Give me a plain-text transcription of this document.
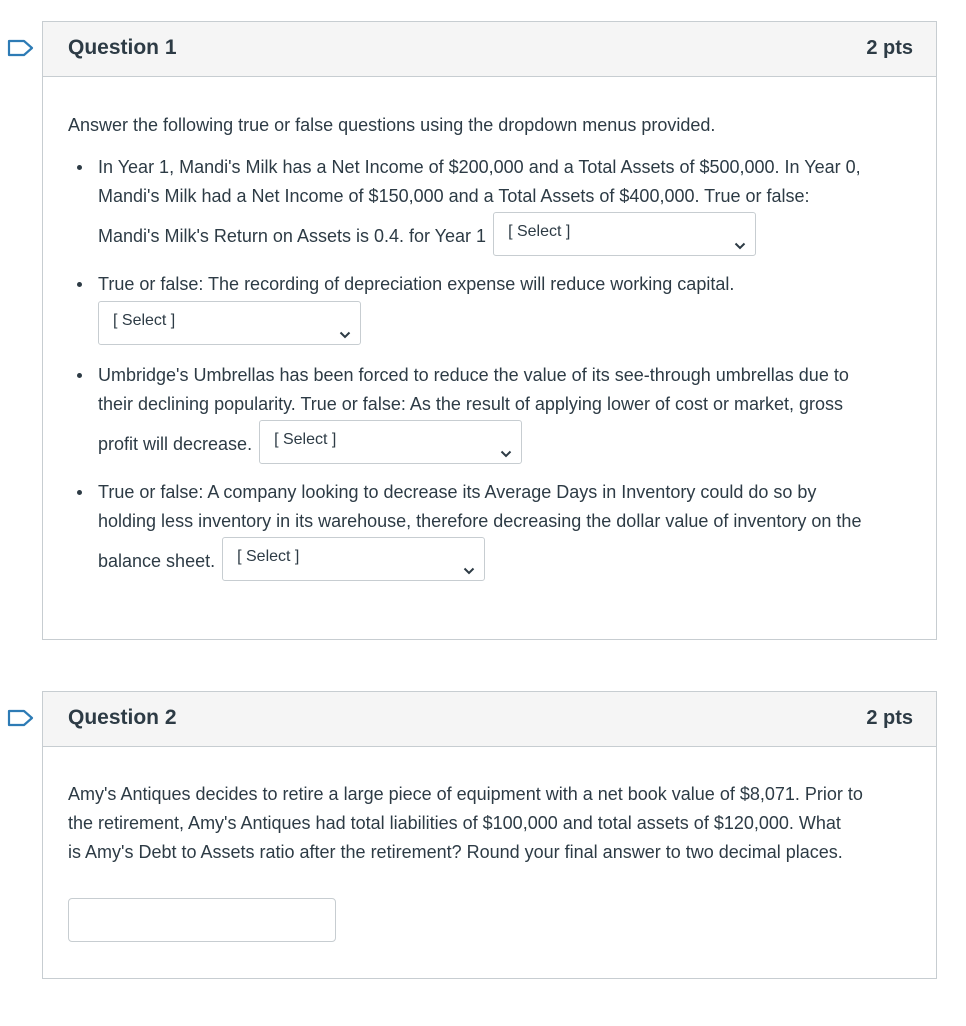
Question 1	2 pts

Answer the following true or false questions using the dropdown menus provided.

In Year 1, Mandi's Milk has a Net Income of $200,000 and a Total Assets of $500,000. In Year 0,
Mandi's Milk had a Net Income of $150,000 and a Total Assets of $400,000. True or false:
Mandi's Milk's Return on Assets is 0.4. for Year 1 [ Select ]
True or false: The recording of depreciation expense will reduce working capital.
[ Select ]
Umbridge's Umbrellas has been forced to reduce the value of its see-through umbrellas due to
their declining popularity. True or false: As the result of applying lower of cost or market, gross
profit will decrease. [ Select ]
True or false: A company looking to decrease its Average Days in Inventory could do so by
holding less inventory in its warehouse, therefore decreasing the dollar value of inventory on the
balance sheet. [ Select ]
Question 2	2 pts
Amy's Antiques decides to retire a large piece of equipment with a net book value of $8,071. Prior to
the retirement, Amy's Antiques had total liabilities of $100,000 and total assets of $120,000. What
is Amy's Debt to Assets ratio after the retirement? Round your final answer to two decimal places.
